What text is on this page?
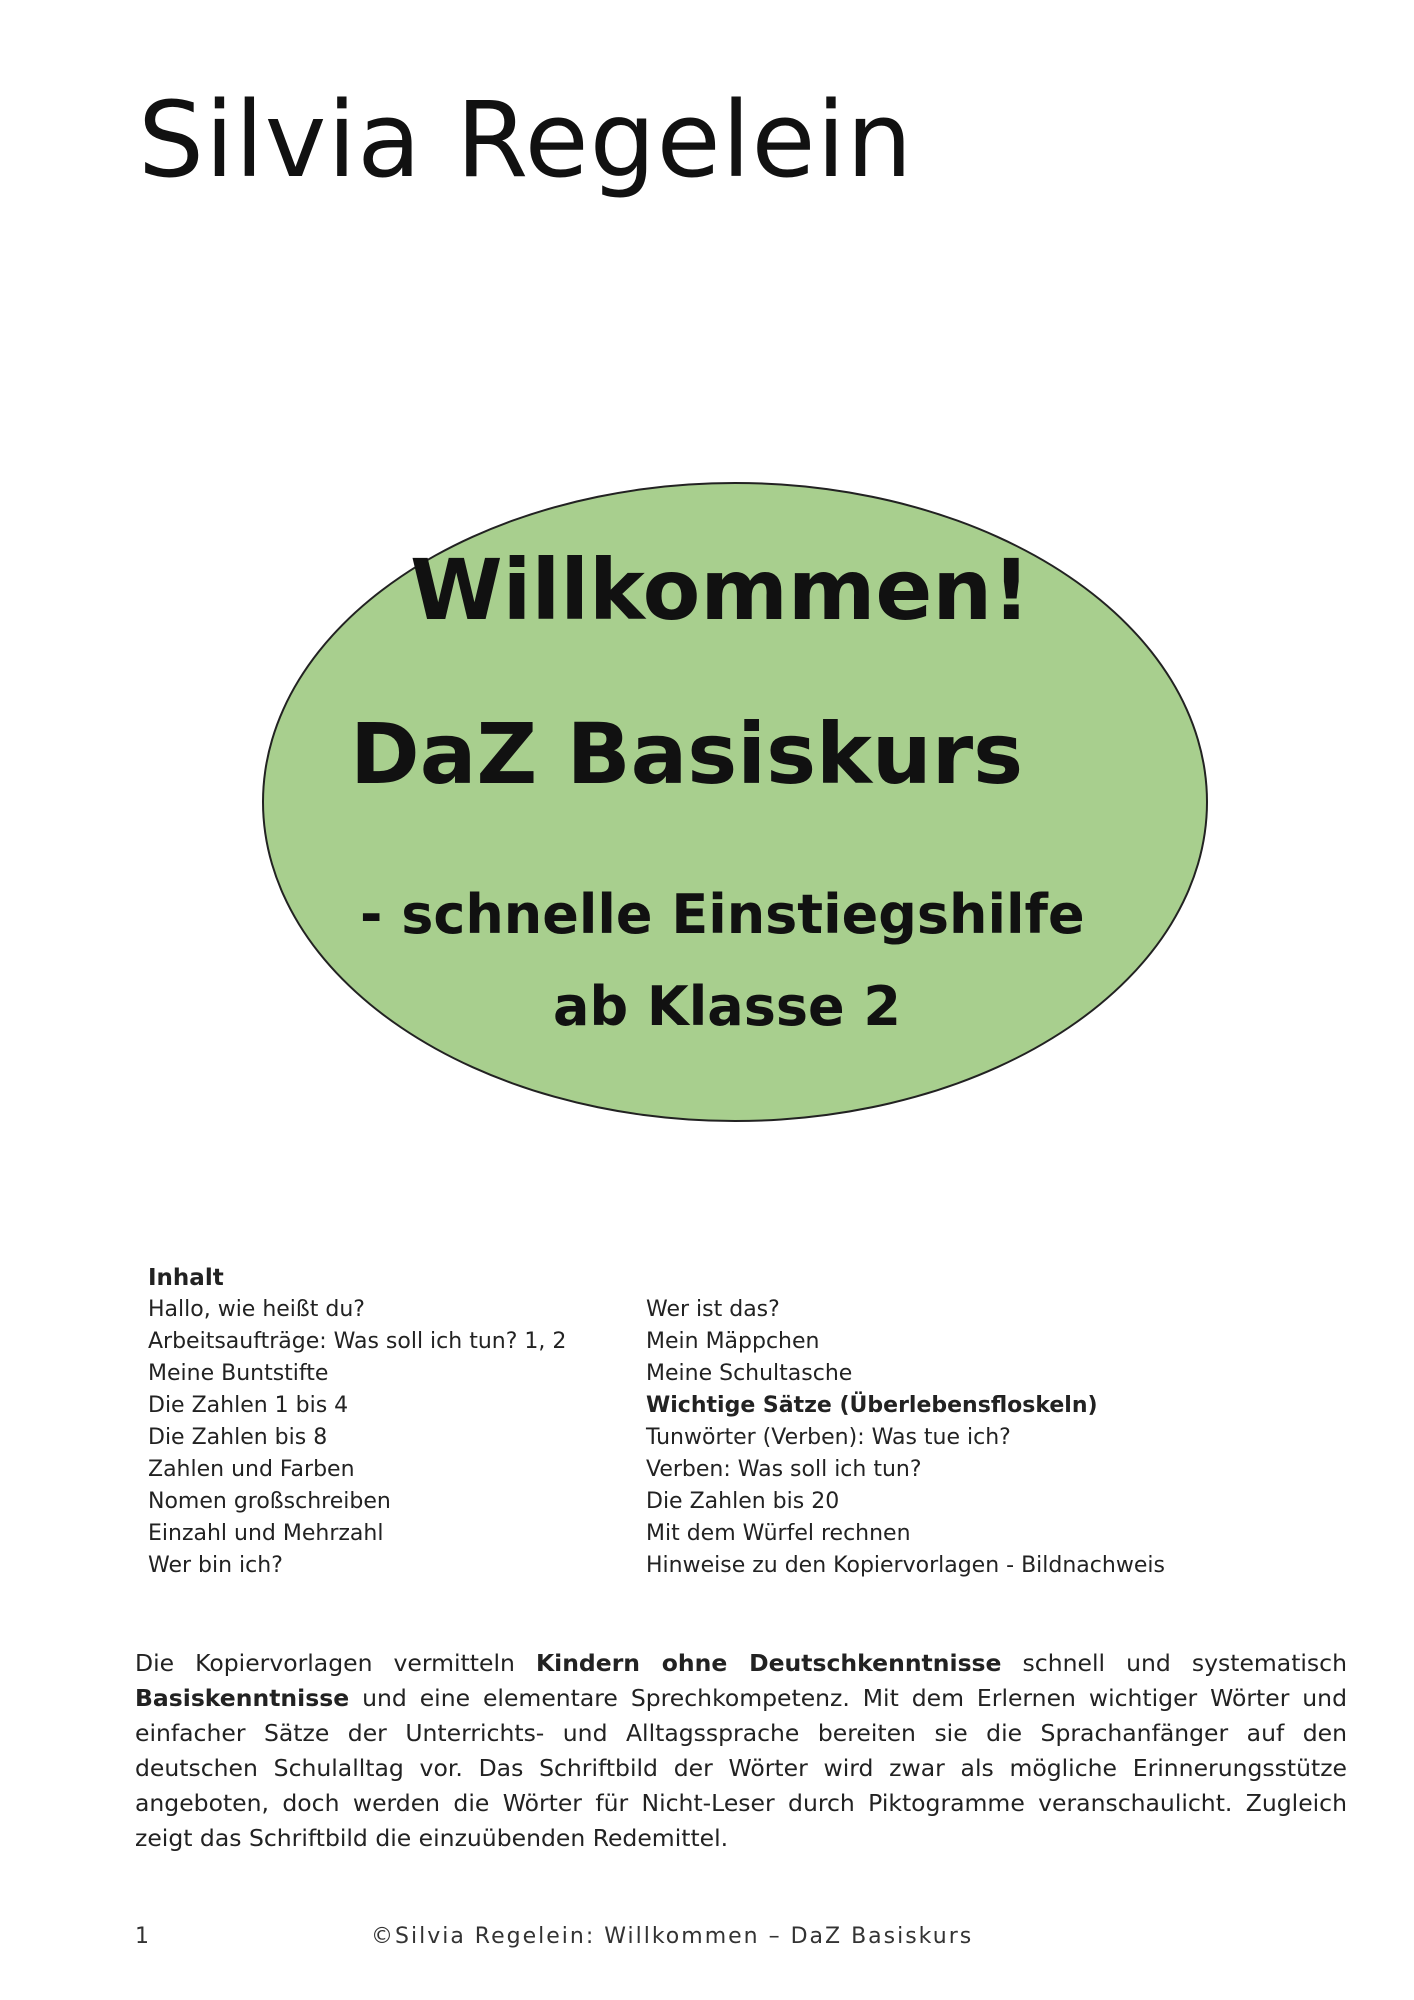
Silvia Regelein
Willkommen!
DaZ Basiskurs
- schnelle Einstiegshilfe
ab Klasse 2
Inhalt
Hallo, wie heißt du?
Arbeitsaufträge: Was soll ich tun? 1, 2
Meine Buntstifte
Die Zahlen 1 bis 4
Die Zahlen bis 8
Zahlen und Farben
Nomen großschreiben
Einzahl und Mehrzahl
Wer bin ich?
Wer ist das?
Mein Mäppchen
Meine Schultasche
Wichtige Sätze (Überlebensfloskeln)
Tunwörter (Verben): Was tue ich?
Verben: Was soll ich tun?
Die Zahlen bis 20
Mit dem Würfel rechnen
Hinweise zu den Kopiervorlagen - Bildnachweis
Die Kopiervorlagen vermitteln Kindern ohne Deutschkenntnisse schnell und systematisch Basiskenntnisse und eine elementare Sprechkompetenz. Mit dem Erlernen wichtiger Wörter und einfacher Sätze der Unterrichts- und Alltagssprache bereiten sie die Sprachanfänger auf den deutschen Schulalltag vor. Das Schriftbild der Wörter wird zwar als mögliche Erinnerungsstütze angeboten, doch werden die Wörter für Nicht-Leser durch Piktogramme veranschaulicht. Zugleich zeigt das Schriftbild die einzuübenden Redemittel.
1	©Silvia Regelein: Willkommen – DaZ Basiskurs
